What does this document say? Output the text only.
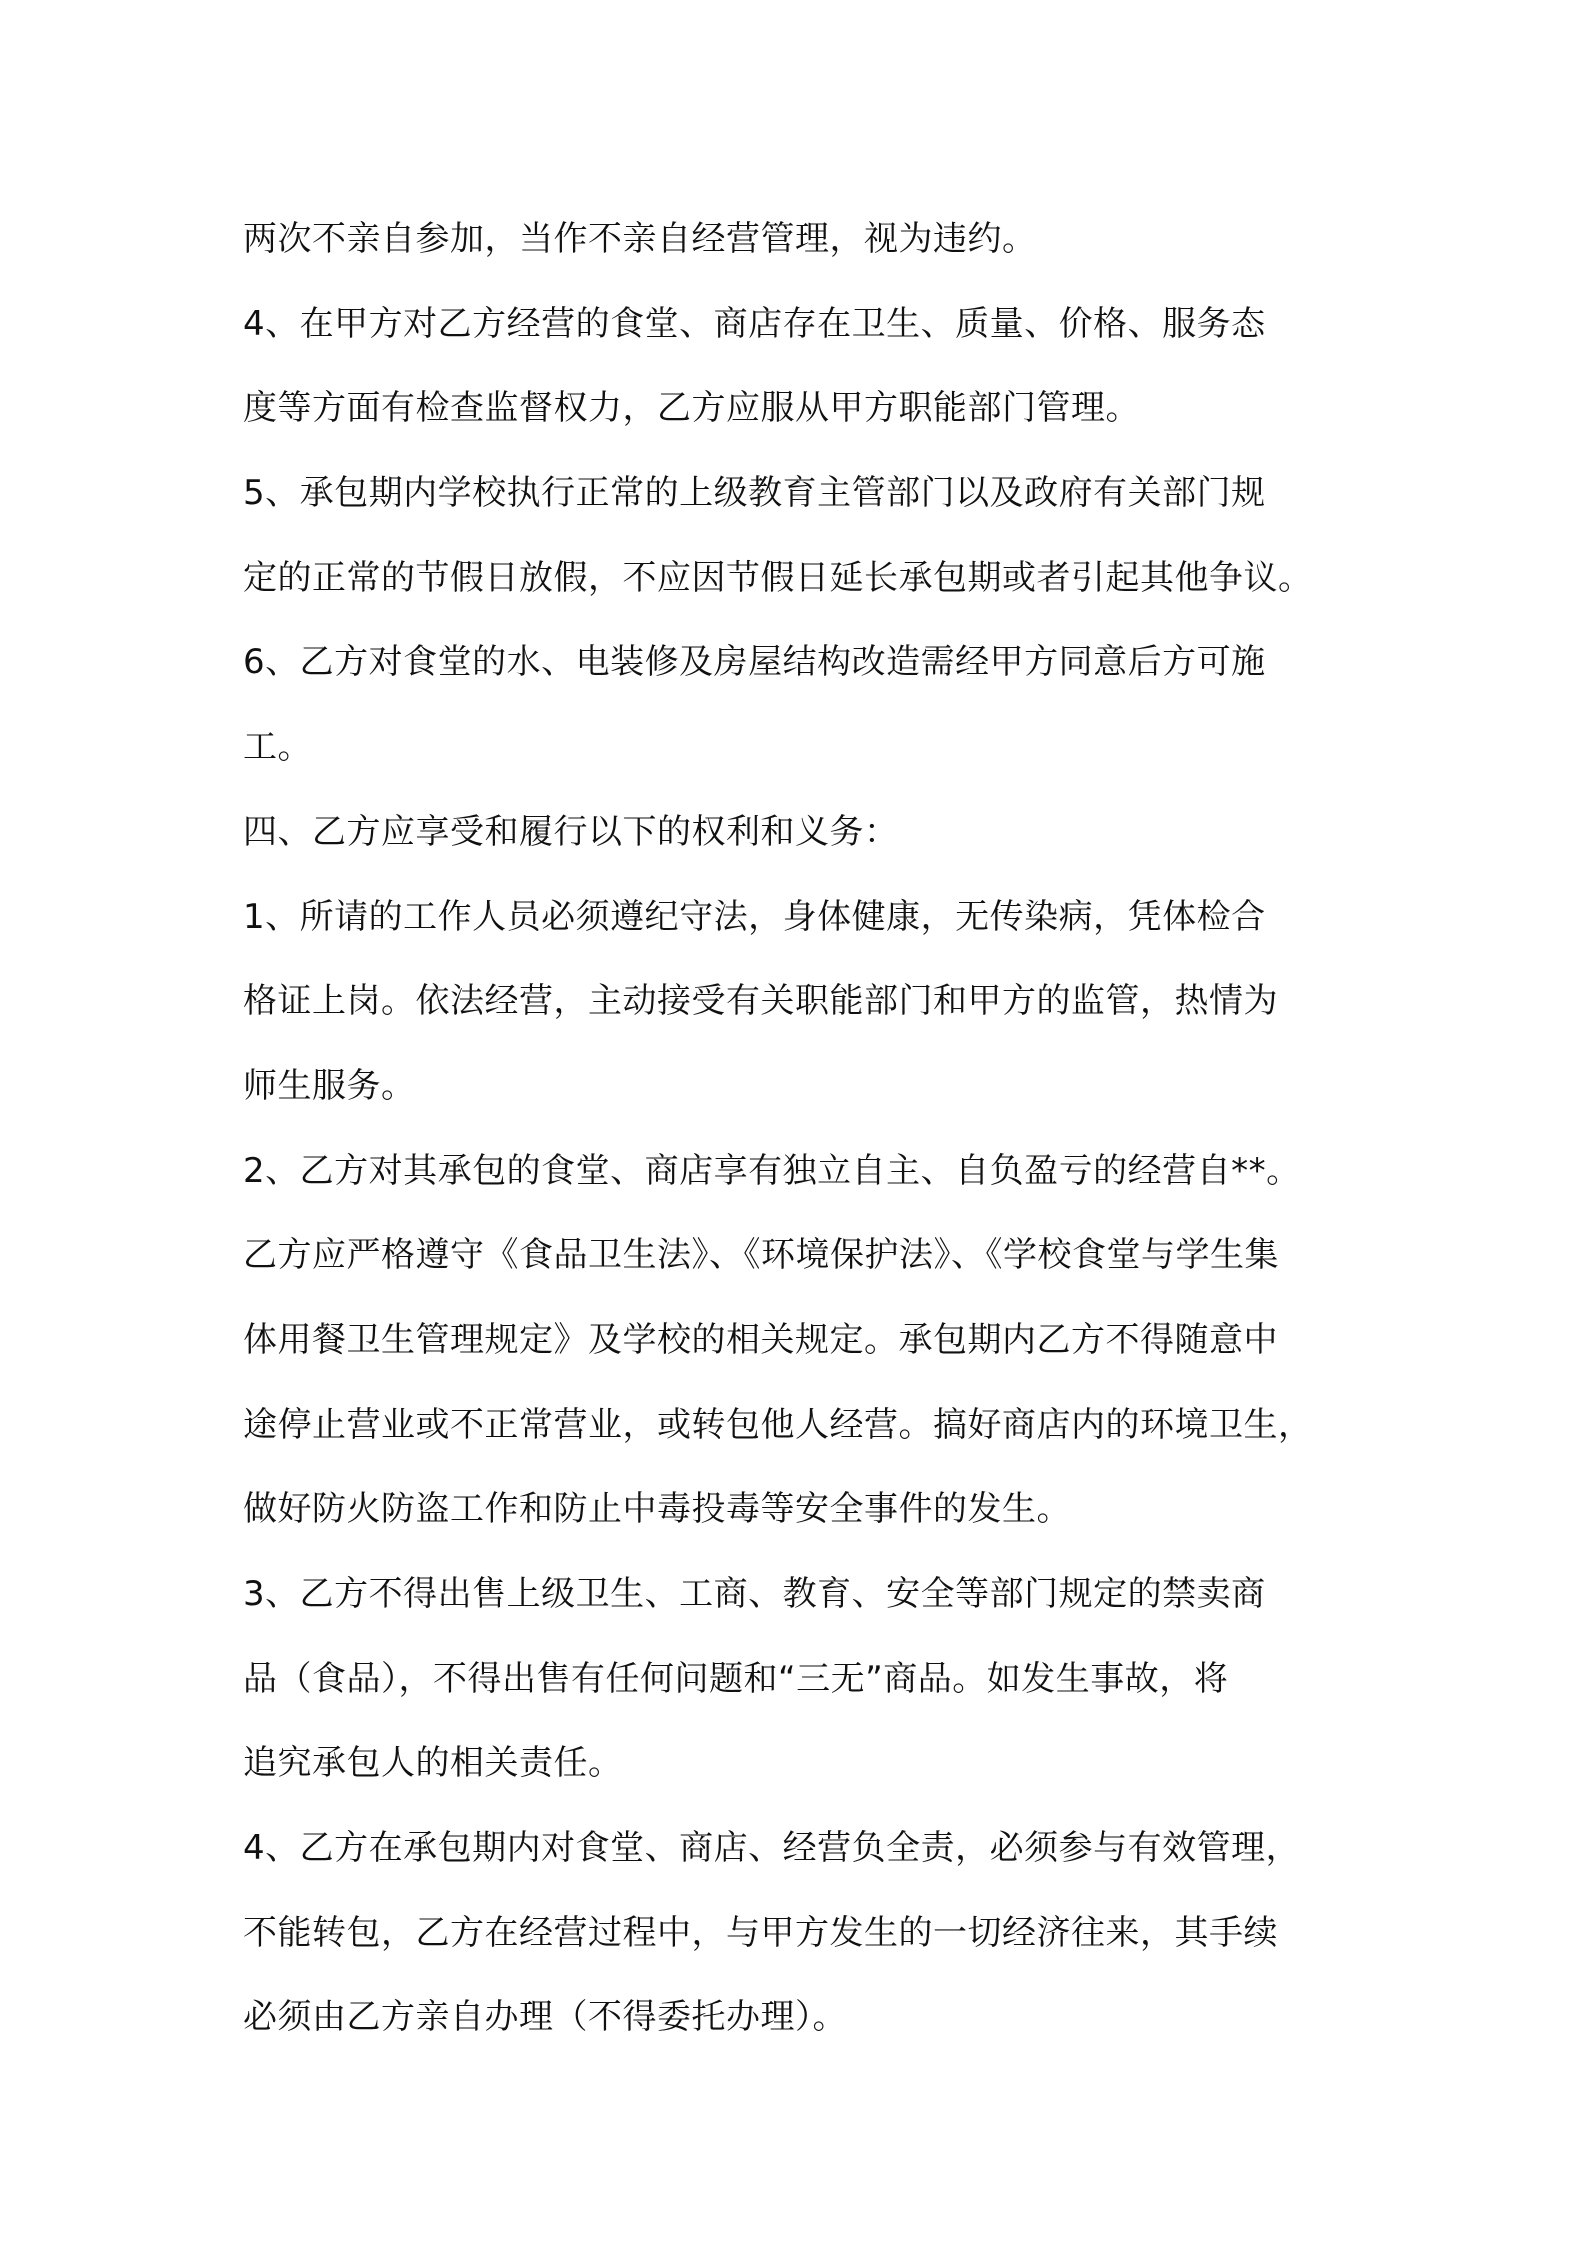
两次不亲自参加，当作不亲自经营管理，视为违约。
4、在甲方对乙方经营的食堂、商店存在卫生、质量、价格、服务态
度等方面有检查监督权力，乙方应服从甲方职能部门管理。
5、承包期内学校执行正常的上级教育主管部门以及政府有关部门规
定的正常的节假日放假，不应因节假日延长承包期或者引起其他争议。
6、乙方对食堂的水、电装修及房屋结构改造需经甲方同意后方可施
工。
四、乙方应享受和履行以下的权利和义务：
1、所请的工作人员必须遵纪守法，身体健康，无传染病，凭体检合
格证上岗。依法经营，主动接受有关职能部门和甲方的监管，热情为
师生服务。
2、乙方对其承包的食堂、商店享有独立自主、自负盈亏的经营自**。
乙方应严格遵守《食品卫生法》、《环境保护法》、《学校食堂与学生集
体用餐卫生管理规定》及学校的相关规定。承包期内乙方不得随意中
途停止营业或不正常营业，或转包他人经营。搞好商店内的环境卫生，
做好防火防盗工作和防止中毒投毒等安全事件的发生。
3、乙方不得出售上级卫生、工商、教育、安全等部门规定的禁卖商
品（食品），不得出售有任何问题和“三无”商品。如发生事故，将
追究承包人的相关责任。
4、乙方在承包期内对食堂、商店、经营负全责，必须参与有效管理，
不能转包，乙方在经营过程中，与甲方发生的一切经济往来，其手续
必须由乙方亲自办理（不得委托办理）。
